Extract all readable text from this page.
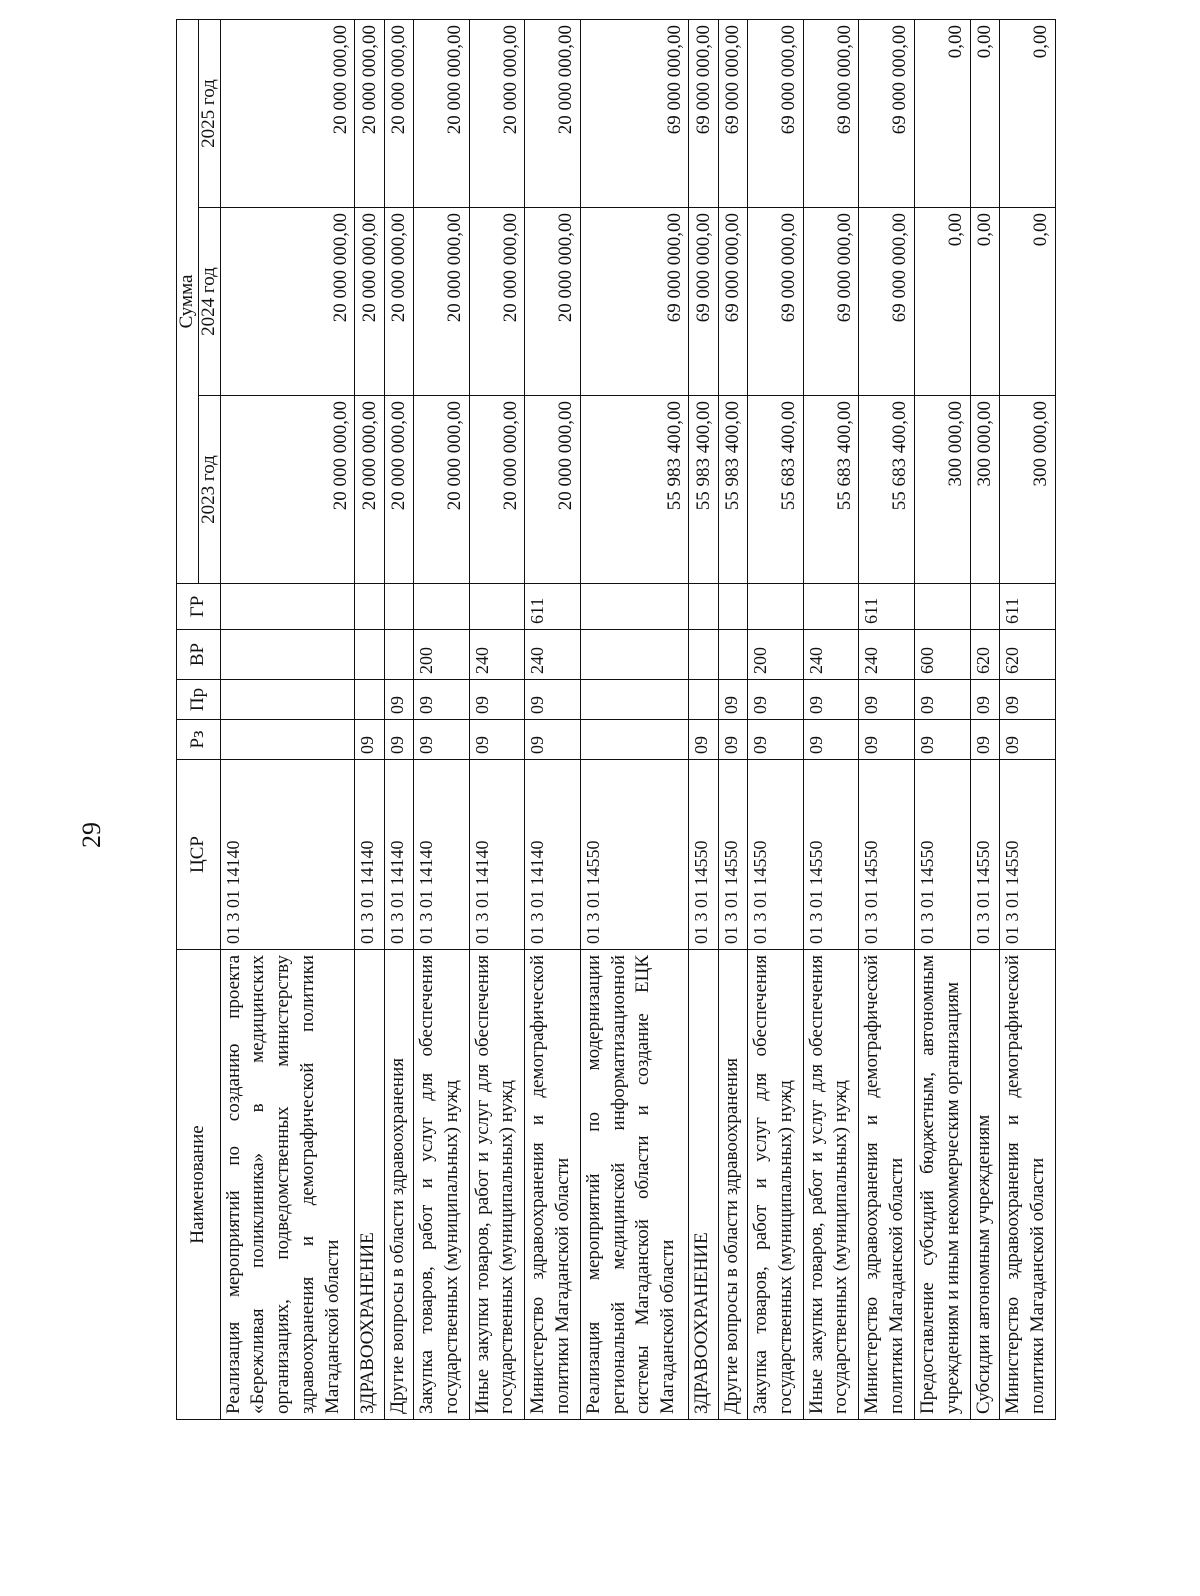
29
Наименование	ЦСР	Рз	Пр	ВР	ГР	Сумма		
						2023 год	2024 год	2025 год
Реализация мероприятий по созданию проекта «Бережливая поликлиника» в медицинских организациях, подведомственных министерству здравоохранения и демографической политики Магаданской области	01 3 01 14140					20 000 000,00	20 000 000,00	20 000 000,00
ЗДРАВООХРАНЕНИЕ	01 3 01 14140	09				20 000 000,00	20 000 000,00	20 000 000,00
Другие вопросы в области здравоохранения	01 3 01 14140	09	09			20 000 000,00	20 000 000,00	20 000 000,00
Закупка товаров, работ и услуг для обеспечения государственных (муниципальных) нужд	01 3 01 14140	09	09	200		20 000 000,00	20 000 000,00	20 000 000,00
Иные закупки товаров, работ и услуг для обеспечения государственных (муниципальных) нужд	01 3 01 14140	09	09	240		20 000 000,00	20 000 000,00	20 000 000,00
Министерство здравоохранения и демографической политики Магаданской области	01 3 01 14140	09	09	240	611	20 000 000,00	20 000 000,00	20 000 000,00
Реализация мероприятий по модернизации региональной медицинской информатизационной системы Магаданской области и создание ЕЦК Магаданской области	01 3 01 14550					55 983 400,00	69 000 000,00	69 000 000,00
ЗДРАВООХРАНЕНИЕ	01 3 01 14550	09				55 983 400,00	69 000 000,00	69 000 000,00
Другие вопросы в области здравоохранения	01 3 01 14550	09	09			55 983 400,00	69 000 000,00	69 000 000,00
Закупка товаров, работ и услуг для обеспечения государственных (муниципальных) нужд	01 3 01 14550	09	09	200		55 683 400,00	69 000 000,00	69 000 000,00
Иные закупки товаров, работ и услуг для обеспечения государственных (муниципальных) нужд	01 3 01 14550	09	09	240		55 683 400,00	69 000 000,00	69 000 000,00
Министерство здравоохранения и демографической политики Магаданской области	01 3 01 14550	09	09	240	611	55 683 400,00	69 000 000,00	69 000 000,00
Предоставление субсидий бюджетным, автономным учреждениям и иным некоммерческим организациям	01 3 01 14550	09	09	600		300 000,00	0,00	0,00
Субсидии автономным учреждениям	01 3 01 14550	09	09	620		300 000,00	0,00	0,00
Министерство здравоохранения и демографической политики Магаданской области	01 3 01 14550	09	09	620	611	300 000,00	0,00	0,00
